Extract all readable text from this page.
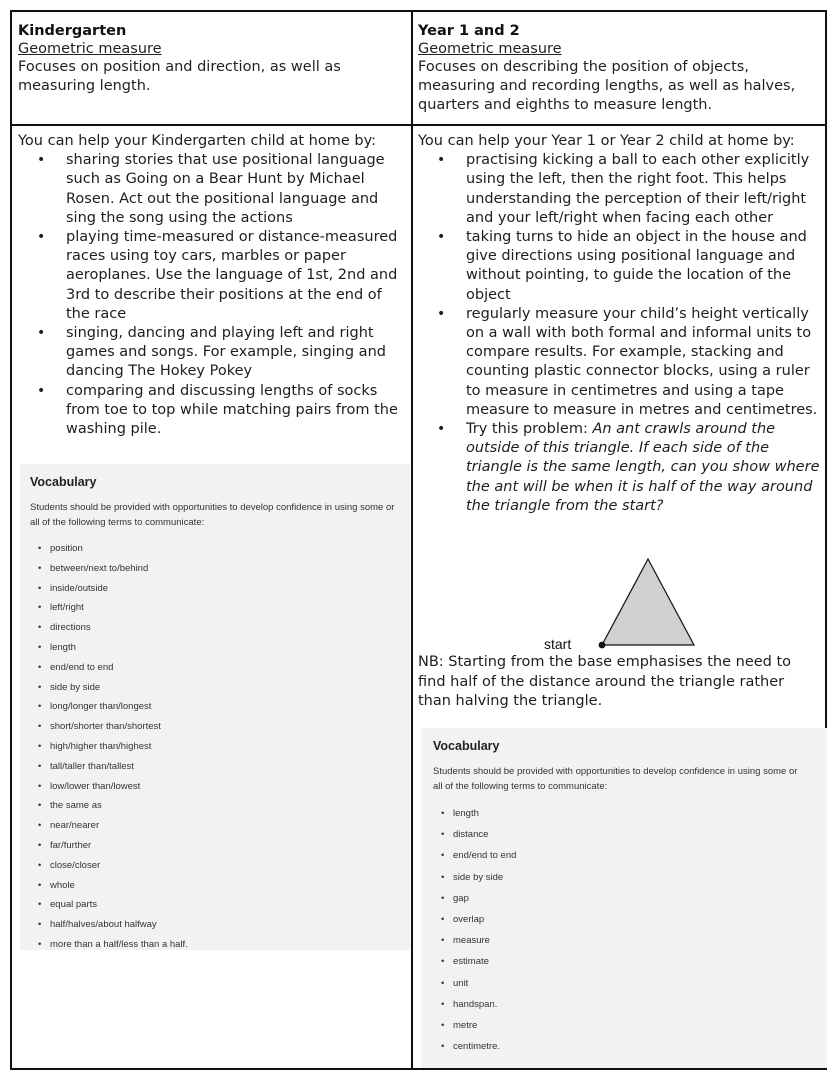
Kindergarten
Geometric measure
Focuses on position and direction, as well as measuring length.
Year 1 and 2
Geometric measure
Focuses on describing the position of objects, measuring and recording lengths, as well as halves, quarters and eighths to measure length.

You can help your Kindergarten child at home by:

• sharing stories that use positional language such as Going on a Bear Hunt by Michael Rosen. Act out the positional language and sing the song using the actions
• playing time-measured or distance-measured races using toy cars, marbles or paper aeroplanes. Use the language of 1st, 2nd and 3rd to describe their positions at the end of the race
• singing, dancing and playing left and right games and songs. For example, singing and dancing The Hokey Pokey
• comparing and discussing lengths of socks from toe to top while matching pairs from the washing pile.
Vocabulary
Students should be provided with opportunities to develop confidence in using some or
all of the following terms to communicate:
• position
• between/next to/behind
• inside/outside
• left/right
• directions
• length
• end/end to end
• side by side
• long/longer than/longest
• short/shorter than/shortest
• high/higher than/highest
• tall/taller than/tallest
• low/lower than/lowest
• the same as
• near/nearer
• far/further
• close/closer
• whole
• equal parts
• half/halves/about halfway
• more than a half/less than a half.

You can help your Year 1 or Year 2 child at home by:

• practising kicking a ball to each other explicitly using the left, then the right foot. This helps understanding the perception of their left/right and your left/right when facing each other
• taking turns to hide an object in the house and give directions using positional language and without pointing, to guide the location of the object
• regularly measure your child’s height vertically on a wall with both formal and informal units to compare results. For example, stacking and counting plastic connector blocks, using a ruler to measure in centimetres and using a tape measure to measure in metres and centimetres.
• Try this problem: An ant crawls around the outside of this triangle. If each side of the triangle is the same length, can you show where the ant will be when it is half of the way around the triangle from the start?
start
NB: Starting from the base emphasises the need to find half of the distance around the triangle rather than halving the triangle.
Vocabulary
Students should be provided with opportunities to develop confidence in using some or
all of the following terms to communicate:
• length
• distance
• end/end to end
• side by side
• gap
• overlap
• measure
• estimate
• unit
• handspan.
• metre
• centimetre.
